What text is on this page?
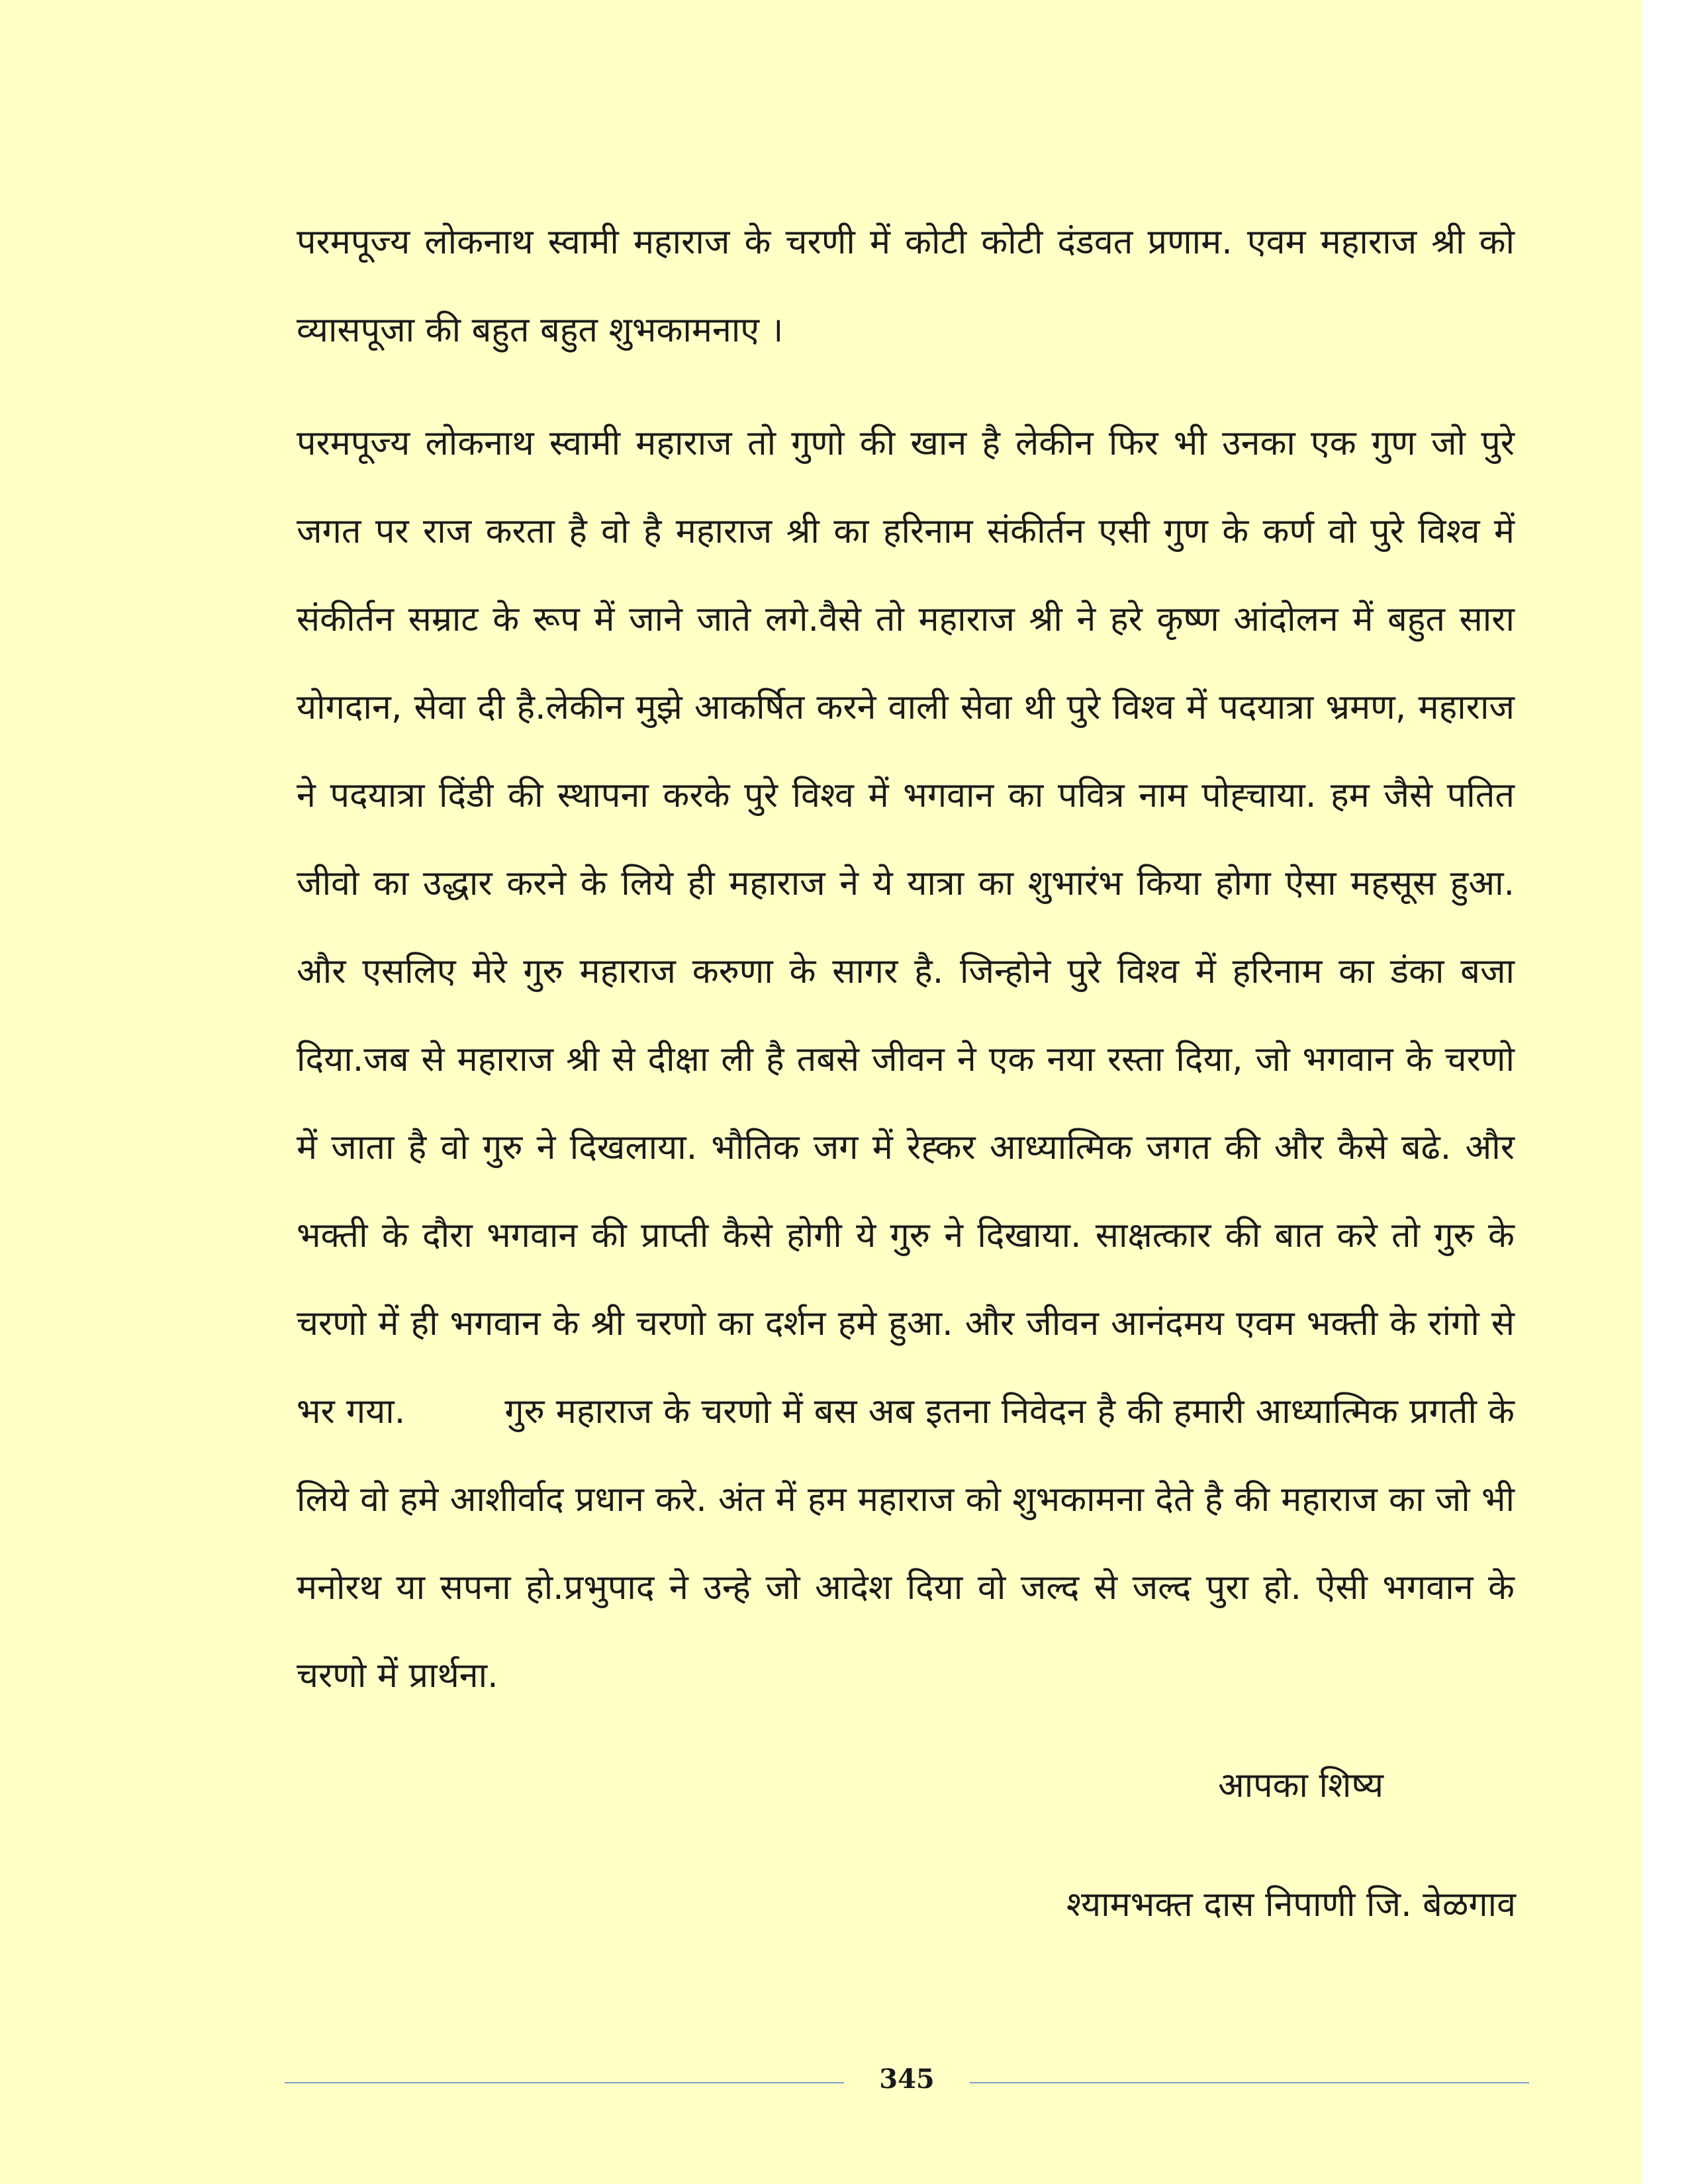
परमपूज्य लोकनाथ स्वामी महाराज के चरणी में कोटी कोटी दंडवत प्रणाम. एवम महाराज श्री को व्यासपूजा की बहुत बहुत शुभकामनाए ।

परमपूज्य लोकनाथ स्वामी महाराज तो गुणो की खान है लेकीन फिर भी उनका एक गुण जो पुरे जगत पर राज करता है वो है महाराज श्री का हरिनाम संकीर्तन एसी गुण के कर्ण वो पुरे विश्व में संकीर्तन सम्राट के रूप में जाने जाते लगे.वैसे तो महाराज श्री ने हरे कृष्ण आंदोलन में बहुत सारा योगदान, सेवा दी है.लेकीन मुझे आकर्षित करने वाली सेवा थी पुरे विश्व में पदयात्रा भ्रमण, महाराज ने पदयात्रा दिंडी की स्थापना करके पुरे विश्व में भगवान का पवित्र नाम पोह्चाया. हम जैसे पतित जीवो का उद्धार करने के लिये ही महाराज ने ये यात्रा का शुभारंभ किया होगा ऐसा महसूस हुआ. और एसलिए मेरे गुरु महाराज करुणा के सागर है. जिन्होने पुरे विश्व में हरिनाम का डंका बजा दिया.जब से महाराज श्री से दीक्षा ली है तबसे जीवन ने एक नया रस्ता दिया, जो भगवान के चरणो में जाता है वो गुरु ने दिखलाया. भौतिक जग में रेह्कर आध्यात्मिक जगत की और कैसे बढे. और भक्ती के दौरा भगवान की प्राप्ती कैसे होगी ये गुरु ने दिखाया. साक्षत्कार की बात करे तो गुरु के चरणो में ही भगवान के श्री चरणो का दर्शन हमे हुआ. और जीवन आनंदमय एवम भक्ती के रांगो से भर गया.	गुरु महाराज के चरणो में बस अब इतना निवेदन है की हमारी आध्यात्मिक प्रगती के लिये वो हमे आशीर्वाद प्रधान करे. अंत में हम महाराज को शुभकामना देते है की महाराज का जो भी मनोरथ या सपना हो.प्रभुपाद ने उन्हे जो आदेश दिया वो जल्द से जल्द पुरा हो. ऐसी भगवान के चरणो में प्रार्थना.

आपका शिष्य
श्यामभक्त दास निपाणी जि. बेळगाव
345
